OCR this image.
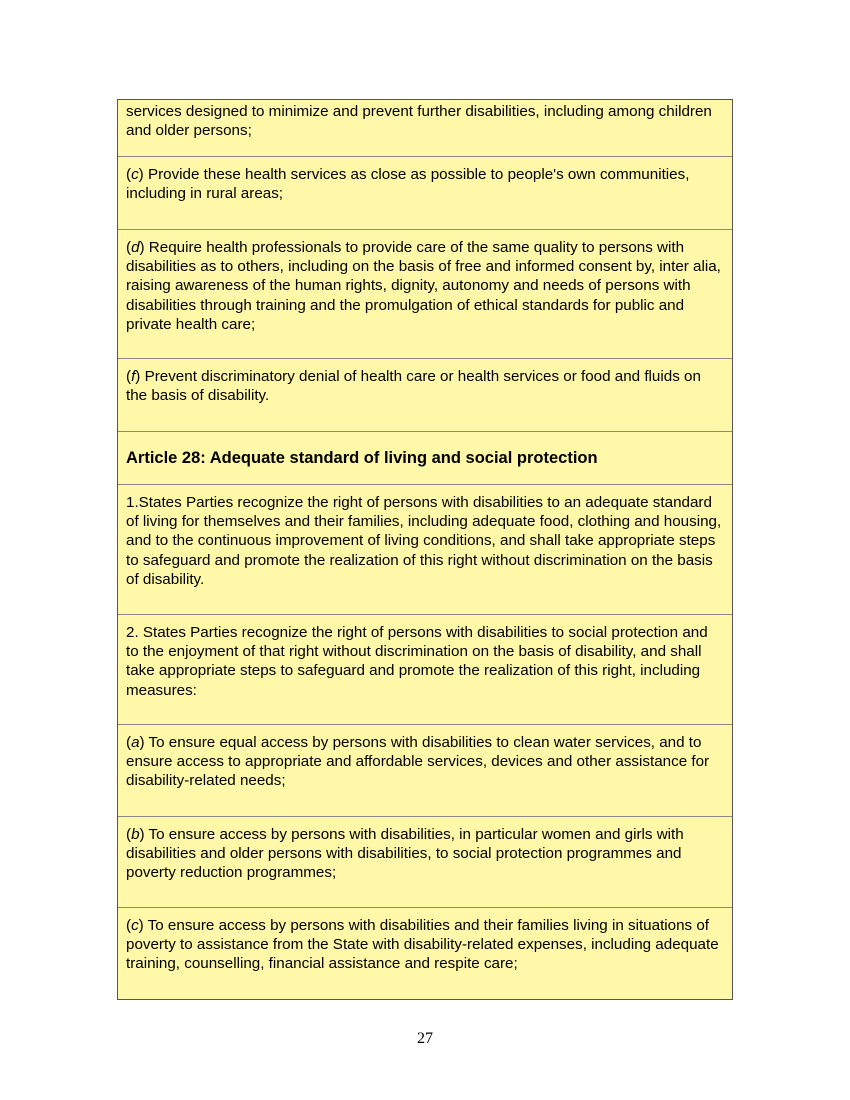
services designed to minimize and prevent further disabilities, including among children and older persons;

(c) Provide these health services as close as possible to people's own communities, including in rural areas;

(d) Require health professionals to provide care of the same quality to persons with disabilities as to others, including on the basis of free and informed consent by, inter alia, raising awareness of the human rights, dignity, autonomy and needs of persons with disabilities through training and the promulgation of ethical standards for public and private health care;

(f) Prevent discriminatory denial of health care or health services or food and fluids on the basis of disability.

Article 28: Adequate standard of living and social protection

1.States Parties recognize the right of persons with disabilities to an adequate standard of living for themselves and their families, including adequate food, clothing and housing, and to the continuous improvement of living conditions, and shall take appropriate steps to safeguard and promote the realization of this right without discrimination on the basis of disability.

2. States Parties recognize the right of persons with disabilities to social protection and to the enjoyment of that right without discrimination on the basis of disability, and shall take appropriate steps to safeguard and promote the realization of this right, including measures:

(a) To ensure equal access by persons with disabilities to clean water services, and to ensure access to appropriate and affordable services, devices and other assistance for disability-related needs;

(b) To ensure access by persons with disabilities, in particular women and girls with disabilities and older persons with disabilities, to social protection programmes and poverty reduction programmes;

(c) To ensure access by persons with disabilities and their families living in situations of poverty to assistance from the State with disability-related expenses, including adequate training, counselling, financial assistance and respite care;

27
